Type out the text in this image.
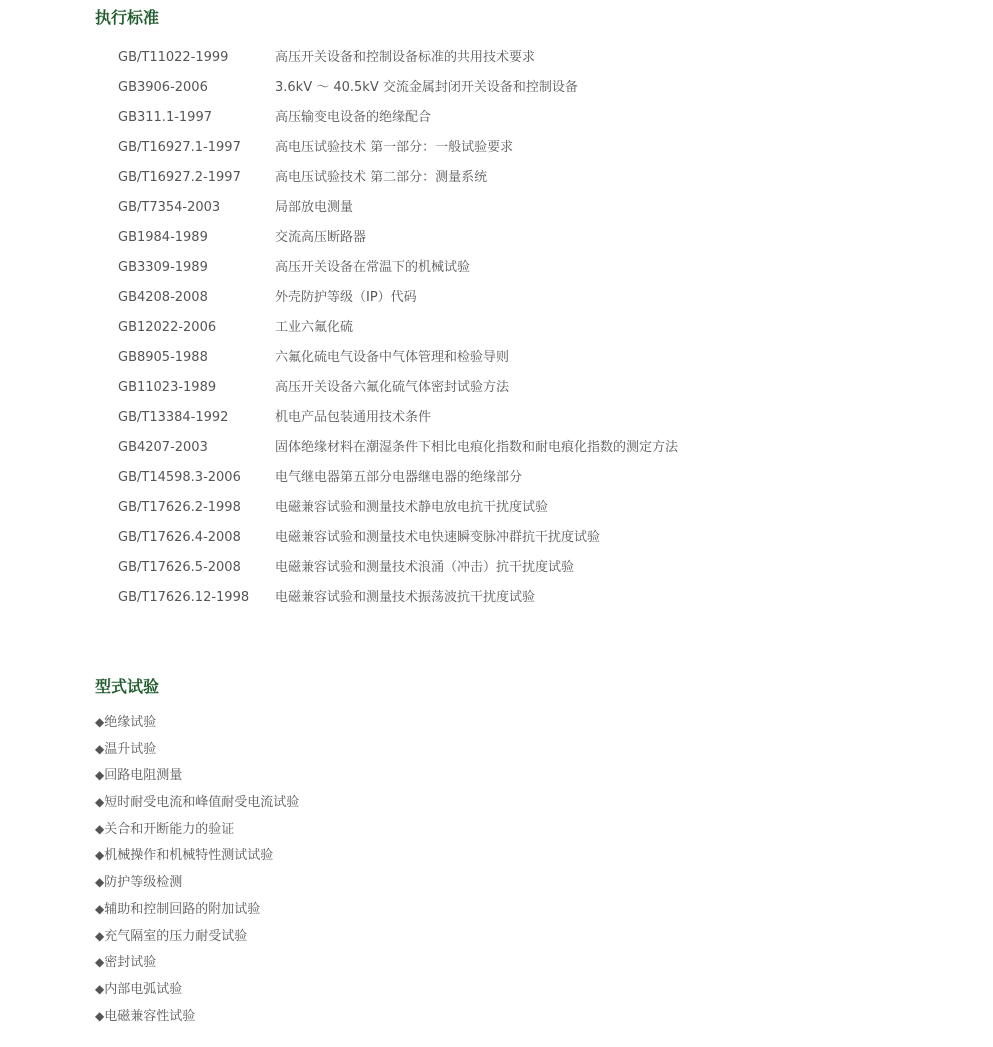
执行标准
GB/T11022-1999	高压开关设备和控制设备标准的共用技术要求
GB3906-2006	3.6kV ～ 40.5kV 交流金属封闭开关设备和控制设备
GB311.1-1997	高压输变电设备的绝缘配合
GB/T16927.1-1997	高电压试验技术 第一部分：一般试验要求
GB/T16927.2-1997	高电压试验技术 第二部分：测量系统
GB/T7354-2003	局部放电测量
GB1984-1989	交流高压断路器
GB3309-1989	高压开关设备在常温下的机械试验
GB4208-2008	外壳防护等级（IP）代码
GB12022-2006	工业六氟化硫
GB8905-1988	六氟化硫电气设备中气体管理和检验导则
GB11023-1989	高压开关设备六氟化硫气体密封试验方法
GB/T13384-1992	机电产品包装通用技术条件
GB4207-2003	固体绝缘材料在潮湿条件下相比电痕化指数和耐电痕化指数的测定方法
GB/T14598.3-2006	电气继电器第五部分电器继电器的绝缘部分
GB/T17626.2-1998	电磁兼容试验和测量技术静电放电抗干扰度试验
GB/T17626.4-2008	电磁兼容试验和测量技术电快速瞬变脉冲群抗干扰度试验
GB/T17626.5-2008	电磁兼容试验和测量技术浪涌（冲击）抗干扰度试验
GB/T17626.12-1998 电磁兼容试验和测量技术振荡波抗干扰度试验
型式试验
◆绝缘试验
◆温升试验
◆回路电阻测量
◆短时耐受电流和峰值耐受电流试验
◆关合和开断能力的验证
◆机械操作和机械特性测试试验
◆防护等级检测
◆辅助和控制回路的附加试验
◆充气隔室的压力耐受试验
◆密封试验
◆内部电弧试验
◆电磁兼容性试验
